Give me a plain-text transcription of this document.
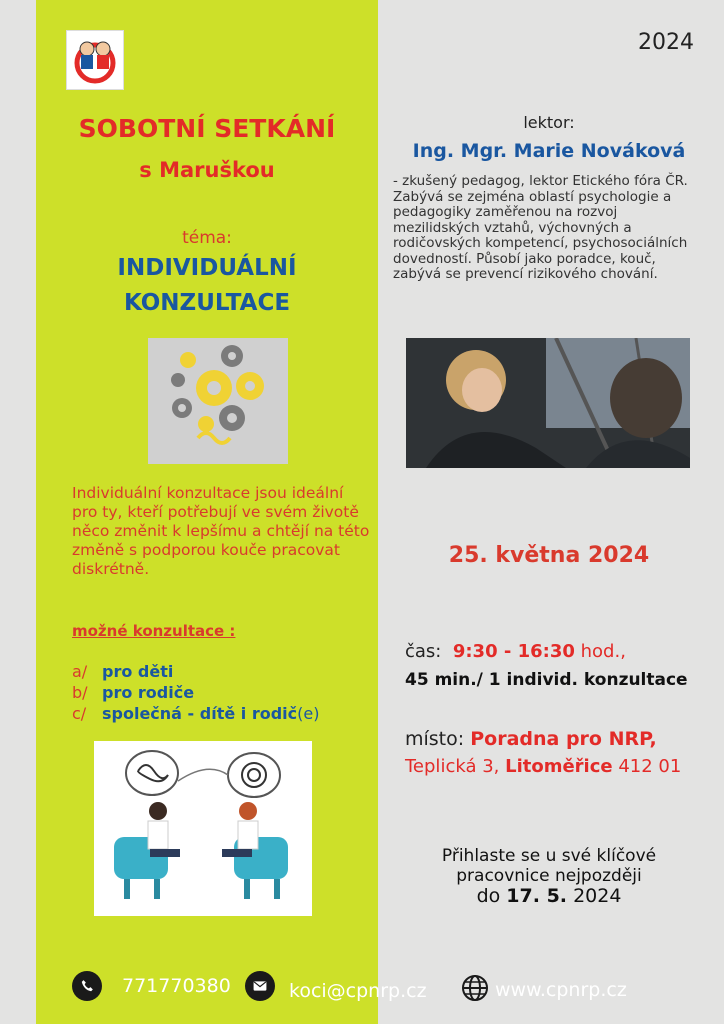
2024
SOBOTNÍ SETKÁNÍ
s Maruškou
téma:
INDIVIDUÁLNÍ
KONZULTACE
Individuální konzultace jsou ideální pro ty, kteří potřebují ve svém životě něco změnit k lepšímu a chtějí na této změně s podporou kouče pracovat diskrétně.
možné konzultace :
a/ pro děti
b/ pro rodiče
c/ společná - dítě i rodič(e)
lektor:
Ing. Mgr. Marie Nováková
- zkušený pedagog, lektor Etického fóra ČR. Zabývá se zejména oblastí psychologie a pedagogiky zaměřenou na rozvoj mezilidských vztahů, výchovných a rodičovských kompetencí, psychosociálních dovedností. Působí jako poradce, kouč, zabývá se prevencí rizikového chování.
25. května 2024
čas: 9:30 - 16:30 hod.,
45 min./ 1 individ. konzultace
místo: Poradna pro NRP,
Teplická 3, Litoměřice 412 01
Přihlaste se u své klíčové
pracovnice nejpozději
do 17. 5. 2024
771770380	koci@cpnrp.cz	www.cpnrp.cz
